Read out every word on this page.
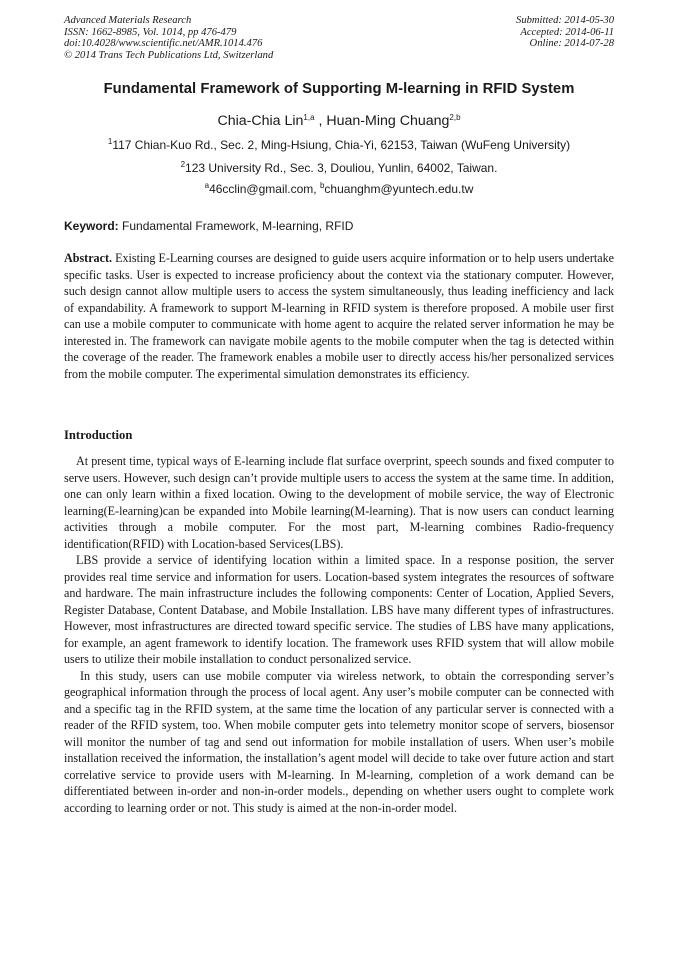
Advanced Materials Research
ISSN: 1662-8985, Vol. 1014, pp 476-479
doi:10.4028/www.scientific.net/AMR.1014.476
© 2014 Trans Tech Publications Ltd, Switzerland
Submitted: 2014-05-30
Accepted: 2014-06-11
Online: 2014-07-28
Fundamental Framework of Supporting M-learning in RFID System
Chia-Chia Lin$^{1,a}$ , Huan-Ming Chuang$^{2,b}$
$^1$117 Chian-Kuo Rd., Sec. 2, Ming-Hsiung, Chia-Yi, 62153, Taiwan (WuFeng University)
$^2$123 University Rd., Sec. 3, Douliou, Yunlin, 64002, Taiwan.
$^a$46cclin@gmail.com, $^b$chuanghm@yuntech.edu.tw
Keyword: Fundamental Framework, M-learning, RFID
Abstract. Existing E-Learning courses are designed to guide users acquire information or to help users undertake specific tasks. User is expected to increase proficiency about the context via the stationary computer. However, such design cannot allow multiple users to access the system simultaneously, thus leading inefficiency and lack of expandability. A framework to support M-learning in RFID system is therefore proposed. A mobile user first can use a mobile computer to communicate with home agent to acquire the related server information he may be interested in. The framework can navigate mobile agents to the mobile computer when the tag is detected within the coverage of the reader. The framework enables a mobile user to directly access his/her personalized services from the mobile computer. The experimental simulation demonstrates its efficiency.
Introduction

At present time, typical ways of E-learning include flat surface overprint, speech sounds and fixed computer to serve users. However, such design can’t provide multiple users to access the system at the same time. In addition, one can only learn within a fixed location. Owing to the development of mobile service, the way of Electronic learning(E-learning)can be expanded into Mobile learning(M-learning). That is now users can conduct learning activities through a mobile computer. For the most part, M-learning combines Radio-frequency identification(RFID) with Location-based Services(LBS).

LBS provide a service of identifying location within a limited space. In a response position, the server provides real time service and information for users. Location-based system integrates the resources of software and hardware. The main infrastructure includes the following components: Center of Location, Applied Severs, Register Database, Content Database, and Mobile Installation. LBS have many different types of infrastructures. However, most infrastructures are directed toward specific service. The studies of LBS have many applications, for example, an agent framework to identify location. The framework uses RFID system that will allow mobile users to utilize their mobile installation to conduct personalized service.

In this study, users can use mobile computer via wireless network, to obtain the corresponding server’s geographical information through the process of local agent. Any user’s mobile computer can be connected with and a specific tag in the RFID system, at the same time the location of any particular server is connected with a reader of the RFID system, too. When mobile computer gets into telemetry monitor scope of servers, biosensor will monitor the number of tag and send out information for mobile installation of users. When user’s mobile installation received the information, the installation’s agent model will decide to take over future action and start correlative service to provide users with M-learning. In M-learning, completion of a work demand can be differentiated between in-order and non-in-order models., depending on whether users ought to complete work according to learning order or not. This study is aimed at the non-in-order model.
